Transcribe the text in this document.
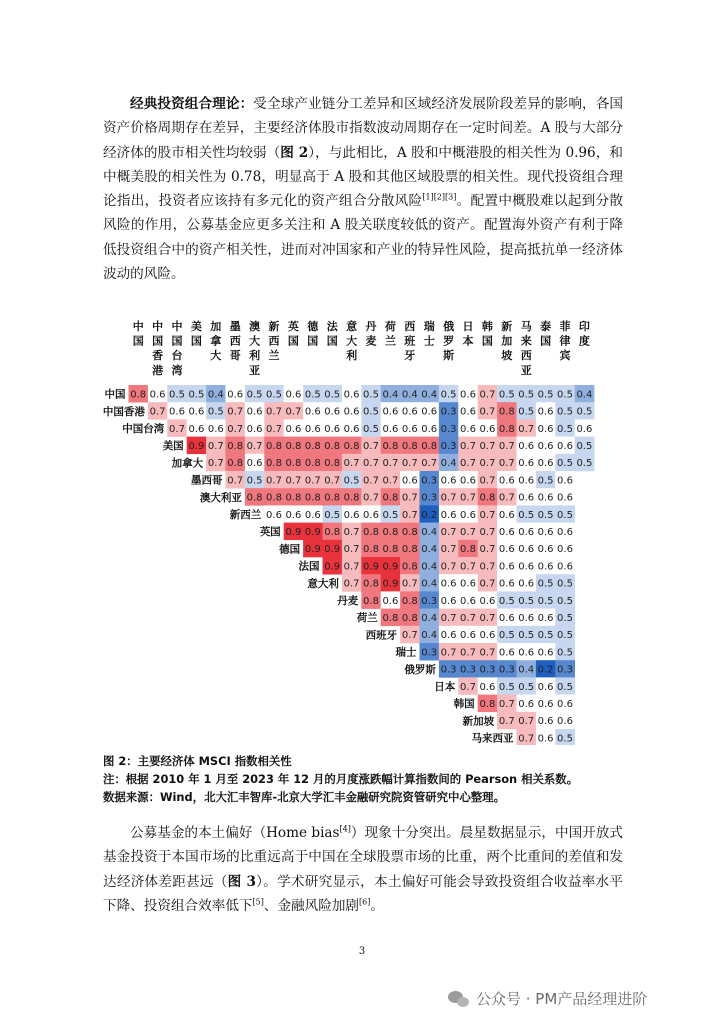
经典投资组合理论：受全球产业链分工差异和区域经济发展阶段差异的影响，各国资产价格周期存在差异，主要经济体股市指数波动周期存在一定时间差。A 股与大部分经济体的股市相关性均较弱（图 2），与此相比，A 股和中概港股的相关性为 0.96，和中概美股的相关性为 0.78，明显高于 A 股和其他区域股票的相关性。现代投资组合理论指出，投资者应该持有多元化的资产组合分散风险[1][2][3]。配置中概股难以起到分散风险的作用，公募基金应更多关注和 A 股关联度较低的资产。配置海外资产有利于降低投资组合中的资产相关性，进而对冲国家和产业的特异性风险，提高抵抗单一经济体波动的风险。

中
国
中
国
香
港
中
国
台
湾
美
国
加
拿
大
墨
西
哥
澳
大
利
亚
新
西
兰
英
国
德
国
法
国
意
大
利
丹
麦
荷
兰
西
班
牙
瑞
士
俄
罗
斯
日
本
韩
国
新
加
坡
马
来
西
亚
泰
国
菲
律
宾
印
度
中国 0.8 0.6 0.5 0.5 0.4 0.6 0.5 0.5 0.6 0.5 0.5 0.6 0.5 0.4 0.4 0.4 0.5 0.6 0.7 0.5 0.5 0.5 0.5 0.4
中国香港 0.7 0.6 0.6 0.5 0.7 0.6 0.7 0.7 0.6 0.6 0.6 0.5 0.6 0.6 0.6 0.3 0.6 0.7 0.8 0.5 0.6 0.5 0.5
中国台湾 0.7 0.6 0.6 0.7 0.6 0.7 0.6 0.6 0.6 0.6 0.5 0.6 0.6 0.6 0.3 0.6 0.6 0.8 0.7 0.6 0.5 0.6
美国 0.9 0.7 0.8 0.7 0.8 0.8 0.8 0.8 0.8 0.7 0.8 0.8 0.8 0.3 0.7 0.7 0.7 0.6 0.6 0.6 0.5
加拿大 0.7 0.8 0.6 0.8 0.8 0.8 0.8 0.7 0.7 0.7 0.7 0.7 0.4 0.7 0.7 0.7 0.6 0.6 0.5 0.5
墨西哥 0.7 0.5 0.7 0.7 0.7 0.7 0.5 0.7 0.7 0.6 0.3 0.6 0.6 0.7 0.6 0.6 0.5 0.6
澳大利亚 0.8 0.8 0.8 0.8 0.8 0.8 0.7 0.8 0.7 0.3 0.7 0.7 0.8 0.7 0.6 0.6 0.6
新西兰 0.6 0.6 0.6 0.5 0.6 0.6 0.5 0.7 0.2 0.6 0.6 0.7 0.6 0.5 0.5 0.5
英国 0.9 0.9 0.8 0.7 0.8 0.8 0.8 0.4 0.7 0.7 0.7 0.6 0.6 0.6 0.6
德国 0.9 0.9 0.7 0.8 0.8 0.8 0.4 0.7 0.8 0.7 0.6 0.6 0.6 0.6
法国 0.9 0.7 0.9 0.9 0.8 0.4 0.7 0.7 0.7 0.6 0.6 0.6 0.6
意大利 0.7 0.8 0.9 0.7 0.4 0.6 0.6 0.7 0.6 0.6 0.5 0.5
丹麦 0.8 0.6 0.8 0.3 0.6 0.6 0.6 0.5 0.5 0.5 0.5
荷兰 0.8 0.8 0.4 0.7 0.7 0.7 0.6 0.6 0.6 0.5
西班牙 0.7 0.4 0.6 0.6 0.6 0.5 0.5 0.5 0.5
瑞士 0.3 0.7 0.7 0.7 0.6 0.6 0.6 0.5
俄罗斯 0.3 0.3 0.3 0.3 0.4 0.2 0.3
日本 0.7 0.6 0.5 0.5 0.6 0.5
韩国 0.8 0.7 0.6 0.6 0.6
新加坡 0.7 0.7 0.6 0.6
马来西亚 0.7 0.6 0.5
图 2：主要经济体 MSCI 指数相关性
注：根据 2010 年 1 月至 2023 年 12 月的月度涨跌幅计算指数间的 Pearson 相关系数。
数据来源：Wind，北大汇丰智库-北京大学汇丰金融研究院资管研究中心整理。

公募基金的本土偏好（Home bias[4]）现象十分突出。晨星数据显示，中国开放式基金投资于本国市场的比重远高于中国在全球股票市场的比重，两个比重间的差值和发达经济体差距甚远（图 3）。学术研究显示，本土偏好可能会导致投资组合收益率水平下降、投资组合效率低下[5]、金融风险加剧[6]。

3
公众号 · PM产品经理进阶
